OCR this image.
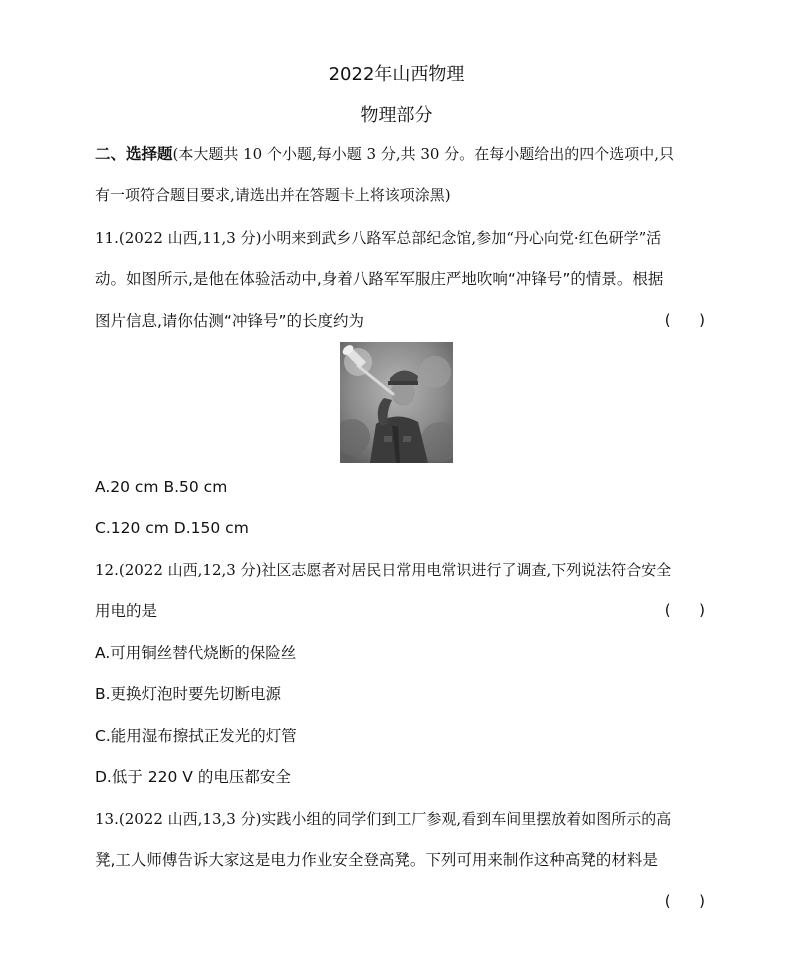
2022年山西物理
物理部分
二、选择题(本大题共 10 个小题,每小题 3 分,共 30 分。在每小题给出的四个选项中,只
有一项符合题目要求,请选出并在答题卡上将该项涂黑)
11.(2022 山西,11,3 分)小明来到武乡八路军总部纪念馆,参加“丹心向党·红色研学”活
动。如图所示,是他在体验活动中,身着八路军军服庄严地吹响“冲锋号”的情景。根据
图片信息,请你估测“冲锋号”的长度约为	(      )
A.20 cm B.50 cm
C.120 cm D.150 cm
12.(2022 山西,12,3 分)社区志愿者对居民日常用电常识进行了调查,下列说法符合安全
用电的是	(      )
A.可用铜丝替代烧断的保险丝
B.更换灯泡时要先切断电源
C.能用湿布擦拭正发光的灯管
D.低于 220 V 的电压都安全
13.(2022 山西,13,3 分)实践小组的同学们到工厂参观,看到车间里摆放着如图所示的高
凳,工人师傅告诉大家这是电力作业安全登高凳。下列可用来制作这种高凳的材料是
(      )
